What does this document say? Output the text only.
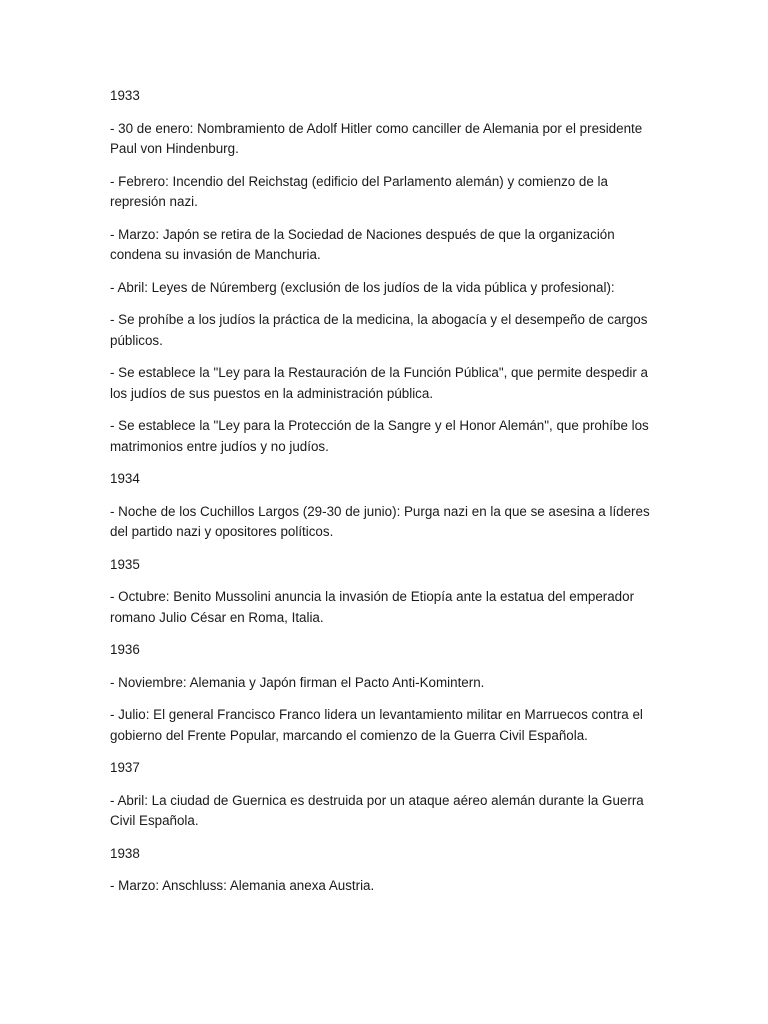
1933

- 30 de enero: Nombramiento de Adolf Hitler como canciller de Alemania por el presidente Paul von Hindenburg.

- Febrero: Incendio del Reichstag (edificio del Parlamento alemán) y comienzo de la represión nazi.

- Marzo: Japón se retira de la Sociedad de Naciones después de que la organización condena su invasión de Manchuria.

- Abril: Leyes de Núremberg (exclusión de los judíos de la vida pública y profesional):

- Se prohíbe a los judíos la práctica de la medicina, la abogacía y el desempeño de cargos públicos.

- Se establece la "Ley para la Restauración de la Función Pública", que permite despedir a los judíos de sus puestos en la administración pública.

- Se establece la "Ley para la Protección de la Sangre y el Honor Alemán", que prohíbe los matrimonios entre judíos y no judíos.

1934

- Noche de los Cuchillos Largos (29-30 de junio): Purga nazi en la que se asesina a líderes del partido nazi y opositores políticos.

1935

- Octubre: Benito Mussolini anuncia la invasión de Etiopía ante la estatua del emperador romano Julio César en Roma, Italia.

1936

- Noviembre: Alemania y Japón firman el Pacto Anti-Komintern.

- Julio: El general Francisco Franco lidera un levantamiento militar en Marruecos contra el gobierno del Frente Popular, marcando el comienzo de la Guerra Civil Española.

1937

- Abril: La ciudad de Guernica es destruida por un ataque aéreo alemán durante la Guerra Civil Española.

1938

- Marzo: Anschluss: Alemania anexa Austria.
